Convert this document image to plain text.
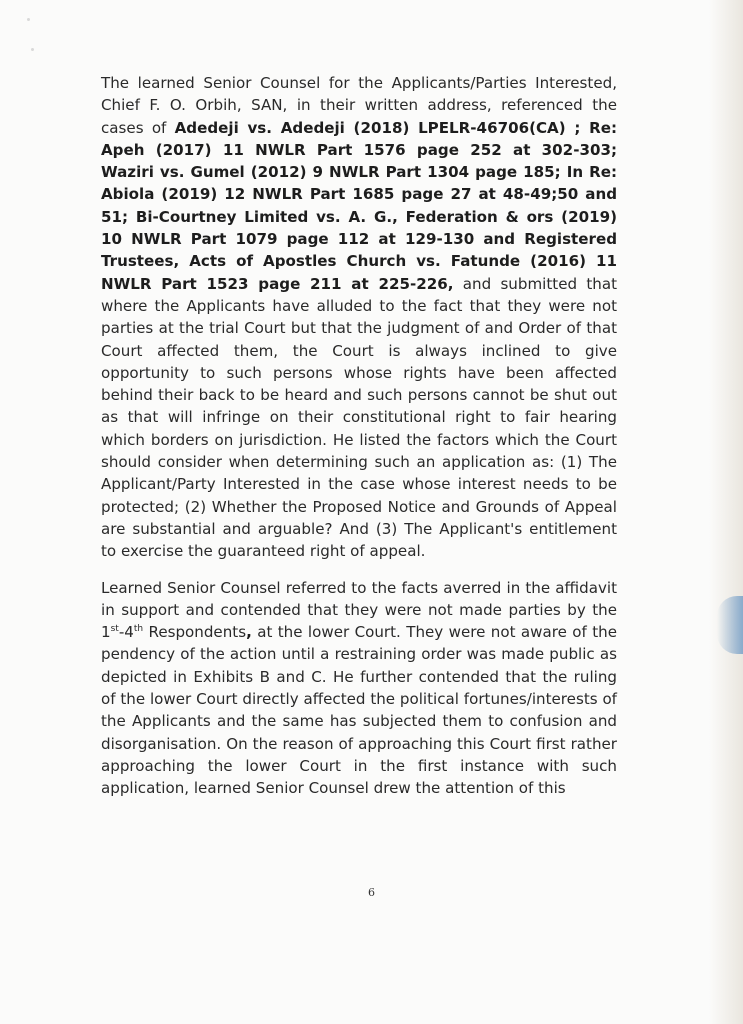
The learned Senior Counsel for the Applicants/Parties Interested, Chief F. O. Orbih, SAN, in their written address, referenced the cases of Adedeji vs. Adedeji (2018) LPELR-46706(CA) ; Re: Apeh (2017) 11 NWLR Part 1576 page 252 at 302-303; Waziri vs. Gumel (2012) 9 NWLR Part 1304 page 185; In Re: Abiola (2019) 12 NWLR Part 1685 page 27 at 48-49;50 and 51; Bi-Courtney Limited vs. A. G., Federation & ors (2019) 10 NWLR Part 1079 page 112 at 129-130 and Registered Trustees, Acts of Apostles Church vs. Fatunde (2016) 11 NWLR Part 1523 page 211 at 225-226, and submitted that where the Applicants have alluded to the fact that they were not parties at the trial Court but that the judgment of and Order of that Court affected them, the Court is always inclined to give opportunity to such persons whose rights have been affected behind their back to be heard and such persons cannot be shut out as that will infringe on their constitutional right to fair hearing which borders on jurisdiction. He listed the factors which the Court should consider when determining such an application as: (1) The Applicant/Party Interested in the case whose interest needs to be protected; (2) Whether the Proposed Notice and Grounds of Appeal are substantial and arguable? And (3) The Applicant's entitlement to exercise the guaranteed right of appeal.

Learned Senior Counsel referred to the facts averred in the affidavit in support and contended that they were not made parties by the 1st-4th Respondents, at the lower Court. They were not aware of the pendency of the action until a restraining order was made public as depicted in Exhibits B and C. He further contended that the ruling of the lower Court directly affected the political fortunes/interests of the Applicants and the same has subjected them to confusion and disorganisation. On the reason of approaching this Court first rather approaching the lower Court in the first instance with such application, learned Senior Counsel drew the attention of this

6
